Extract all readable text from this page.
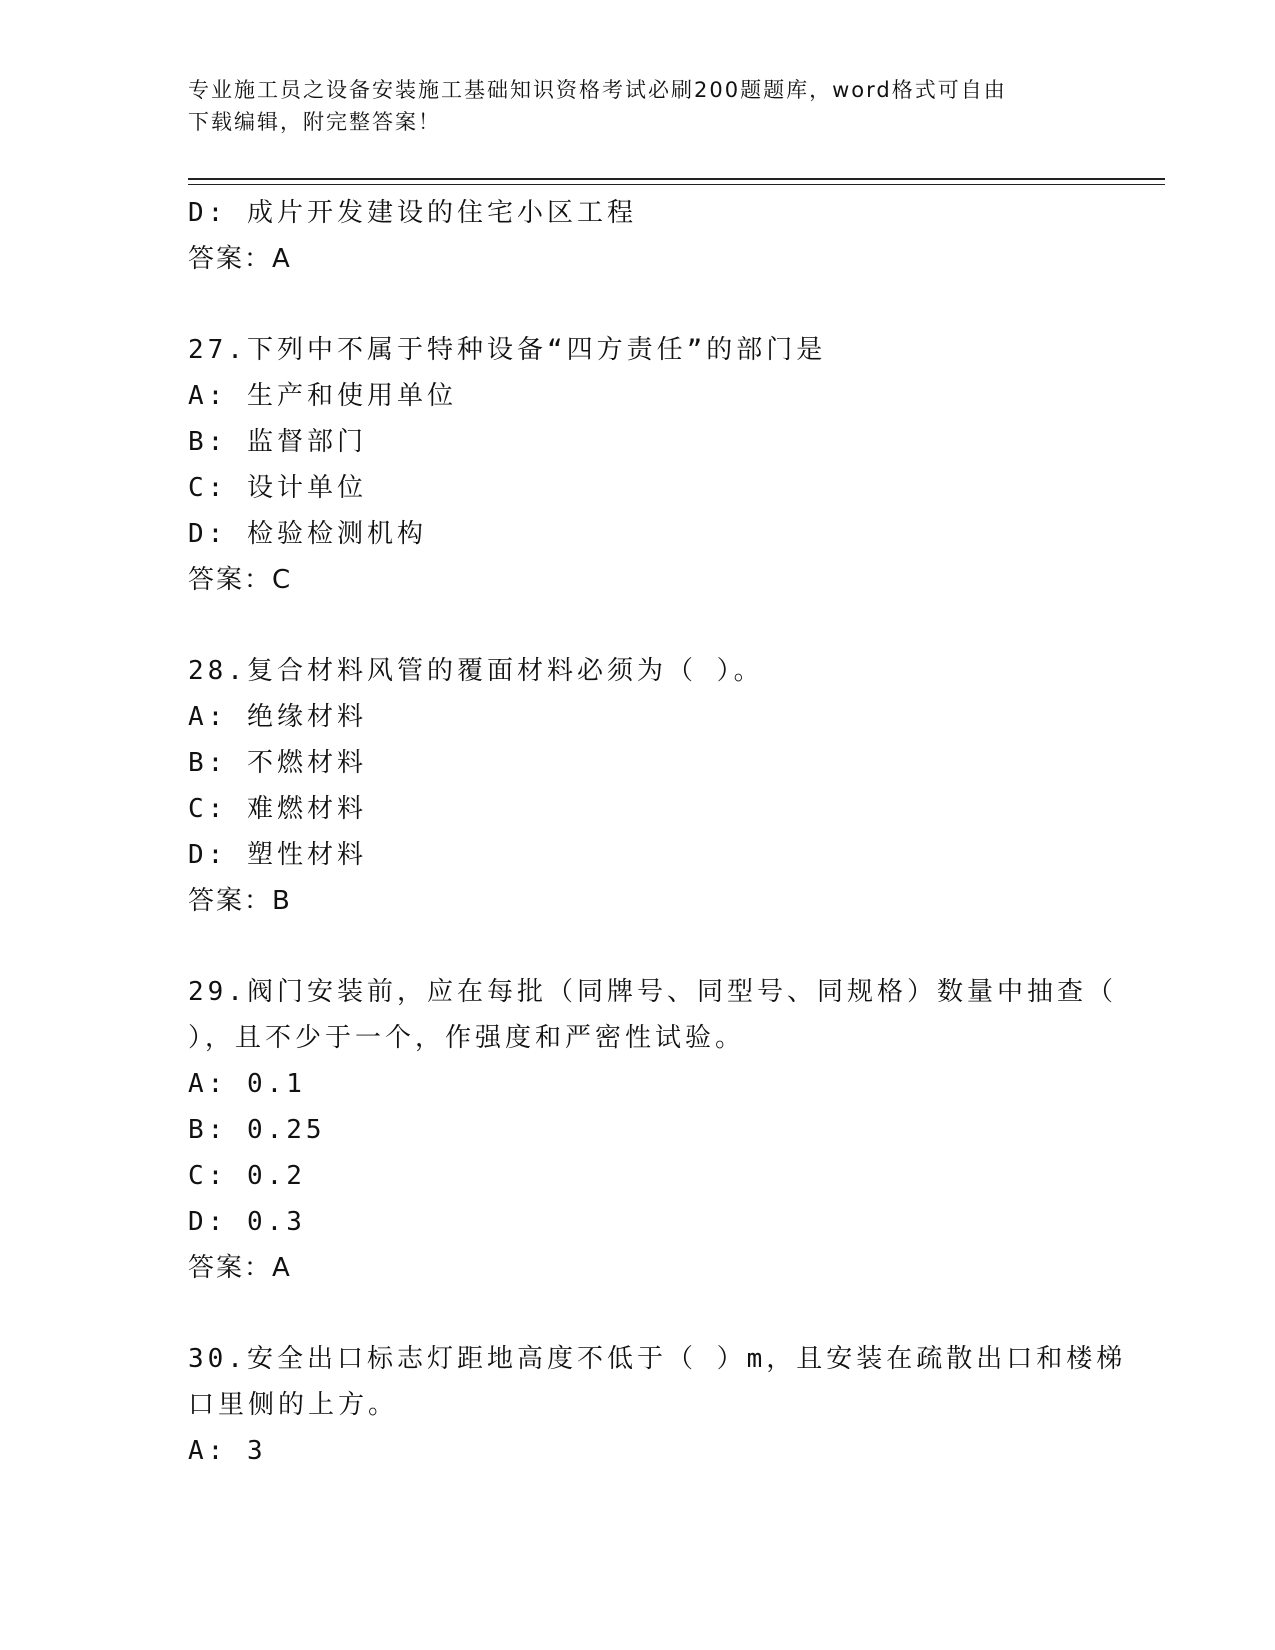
专业施工员之设备安装施工基础知识资格考试必刷200题题库，word格式可自由
下载编辑，附完整答案！
D: 成片开发建设的住宅小区工程
答案：A
27.下列中不属于特种设备“四方责任”的部门是
A: 生产和使用单位
B: 监督部门
C: 设计单位
D: 检验检测机构
答案：C
28.复合材料风管的覆面材料必须为（ ）。
A: 绝缘材料
B: 不燃材料
C: 难燃材料
D: 塑性材料
答案：B
29.阀门安装前，应在每批（同牌号、同型号、同规格）数量中抽查（
），且不少于一个，作强度和严密性试验。
A: 0.1
B: 0.25
C: 0.2
D: 0.3
答案：A
30.安全出口标志灯距地高度不低于（ ）m，且安装在疏散出口和楼梯
口里侧的上方。
A: 3
